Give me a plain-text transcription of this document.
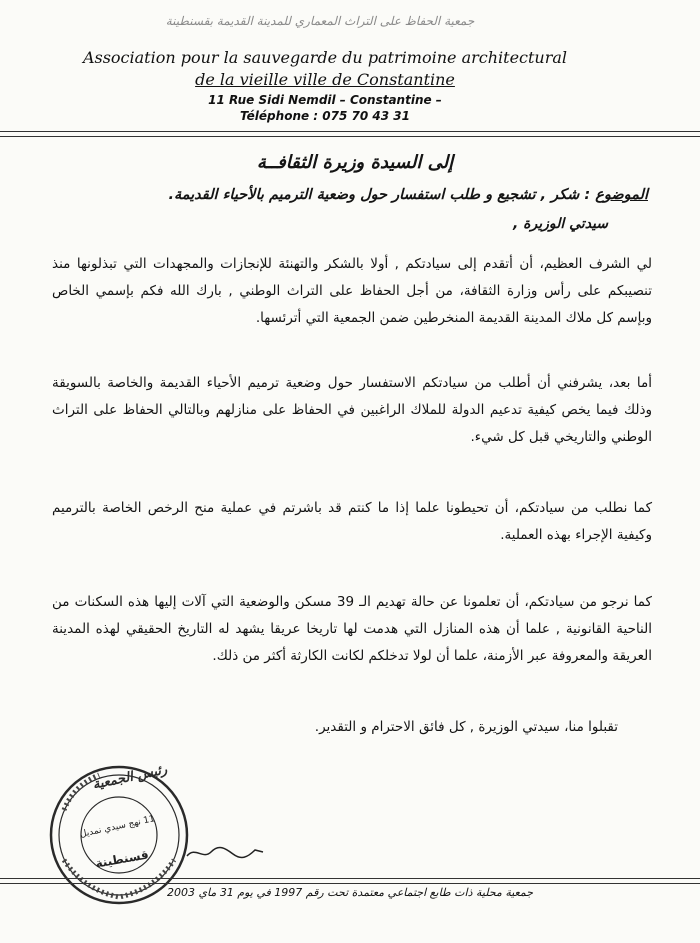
جمعية الحفاظ على التراث المعماري للمدينة القديمة بقسنطينة
Association pour la sauvegarde du patrimoine architectural
de la vieille ville de Constantine
11 Rue Sidi Nemdil – Constantine –
Téléphone : 075 70 43 31
إلى السيدة وزيرة الثقافــة
الموضوع : شكر , تشجيع و طلب استفسار حول وضعية الترميم بالأحياء القديمة.
سيدتي الوزيرة ,
لي الشرف العظيم، أن أتقدم إلى سيادتكم , أولا بالشكر والتهنئة للإنجازات والمجهدات التي تبذلونها منذ تنصيبكم على رأس وزارة الثقافة، من أجل الحفاظ على التراث الوطني , بارك الله فكم بإسمي الخاص وبإسم كل ملاك المدينة القديمة المنخرطين ضمن الجمعية التي أترئسها.
أما بعد، يشرفني أن أطلب من سيادتكم الاستفسار حول وضعية ترميم الأحياء القديمة والخاصة بالسويقة وذلك فيما يخص كيفية تدعيم الدولة للملاك الراغبين في الحفاظ على منازلهم وبالتالي الحفاظ على التراث الوطني والتاريخي قبل كل شيء.
كما نطلب من سيادتكم، أن تحيطونا علما إذا ما كنتم قد باشرتم في عملية منح الرخص الخاصة بالترميم وكيفية الإجراء بهذه العملية.
كما نرجو من سيادتكم، أن تعلمونا عن حالة تهديم الـ 39 مسكن والوضعية التي آلات إليها هذه السكنات من الناحية القانونية , علما أن هذه المنازل التي هدمت لها تاريخا عريقا يشهد له التاريخ الحقيقي لهذه المدينة العريقة والمعروفة عبر الأزمنة، علما أن لولا تدخلكم لكانت الكارثة أكثر من ذلك.
تقبلوا منا، سيدتي الوزيرة , كل فائق الاحترام و التقدير.
رئيس الجمعية
11 نهج سيدي نمديل
قسنطينة
جمعية محلية ذات طابع اجتماعي معتمدة تحت رقم 1997 في يوم 31 ماي 2003
